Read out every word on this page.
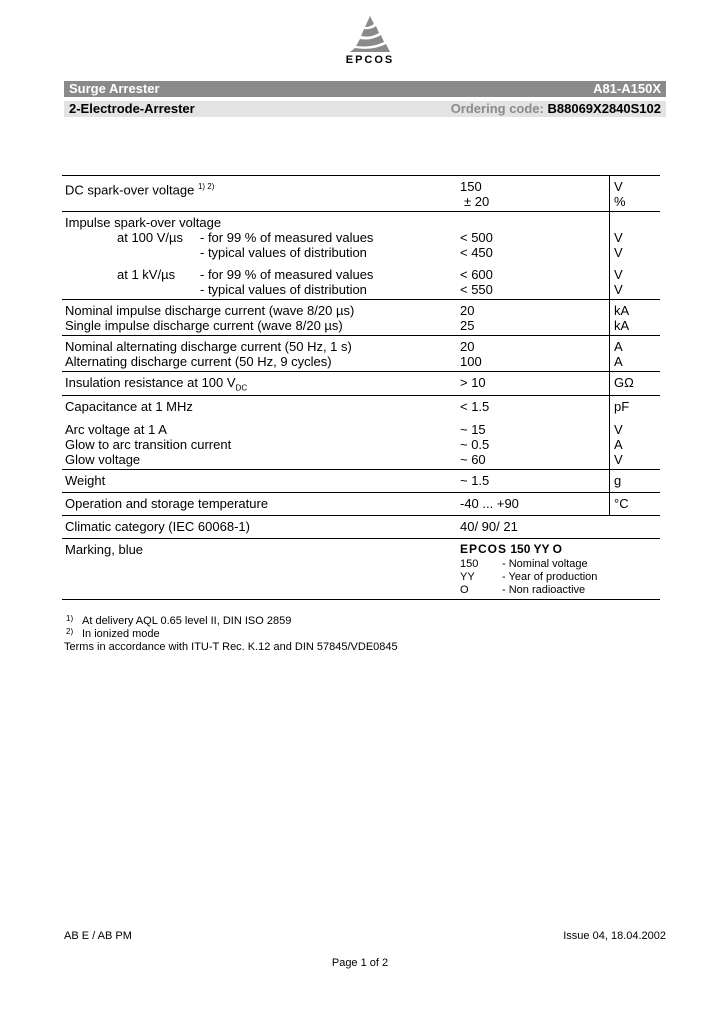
EPCOS
Surge Arrester	A81-A150X
2-Electrode-Arrester	Ordering code: B88069X2840S102
DC spark-over voltage $^{1) 2)}$	150	V
± 20	%
Impulse spark-over voltage
at 100 V/µs - for 99 % of measured values	< 500	V
- typical values of distribution	< 450	V
at 1 kV/µs - for 99 % of measured values	< 600	V
- typical values of distribution	< 550	V
Nominal impulse discharge current (wave 8/20 µs)	20	kA
Single impulse discharge current (wave 8/20 µs)	25	kA
Nominal alternating discharge current (50 Hz, 1 s)	20	A
Alternating discharge current (50 Hz, 9 cycles)	100	A
Insulation resistance at 100 $V_{DC}$	> 10	GΩ
Capacitance at 1 MHz	< 1.5	pF
Arc voltage at 1 A	~ 15	V
Glow to arc transition current	~ 0.5	A
Glow voltage	~ 60	V
Weight	~ 1.5	g
Operation and storage temperature	-40 ... +90	°C
Climatic category (IEC 60068-1)	40/ 90/ 21
Marking, blue	EPCOS 150 YY O
150 - Nominal voltage
YY - Year of production
O	- Non radioactive
1) At delivery AQL 0.65 level II, DIN ISO 2859
2) In ionized mode
Terms in accordance with ITU-T Rec. K.12 and DIN 57845/VDE0845
AB E / AB PM	Issue 04, 18.04.2002
Page 1 of 2
